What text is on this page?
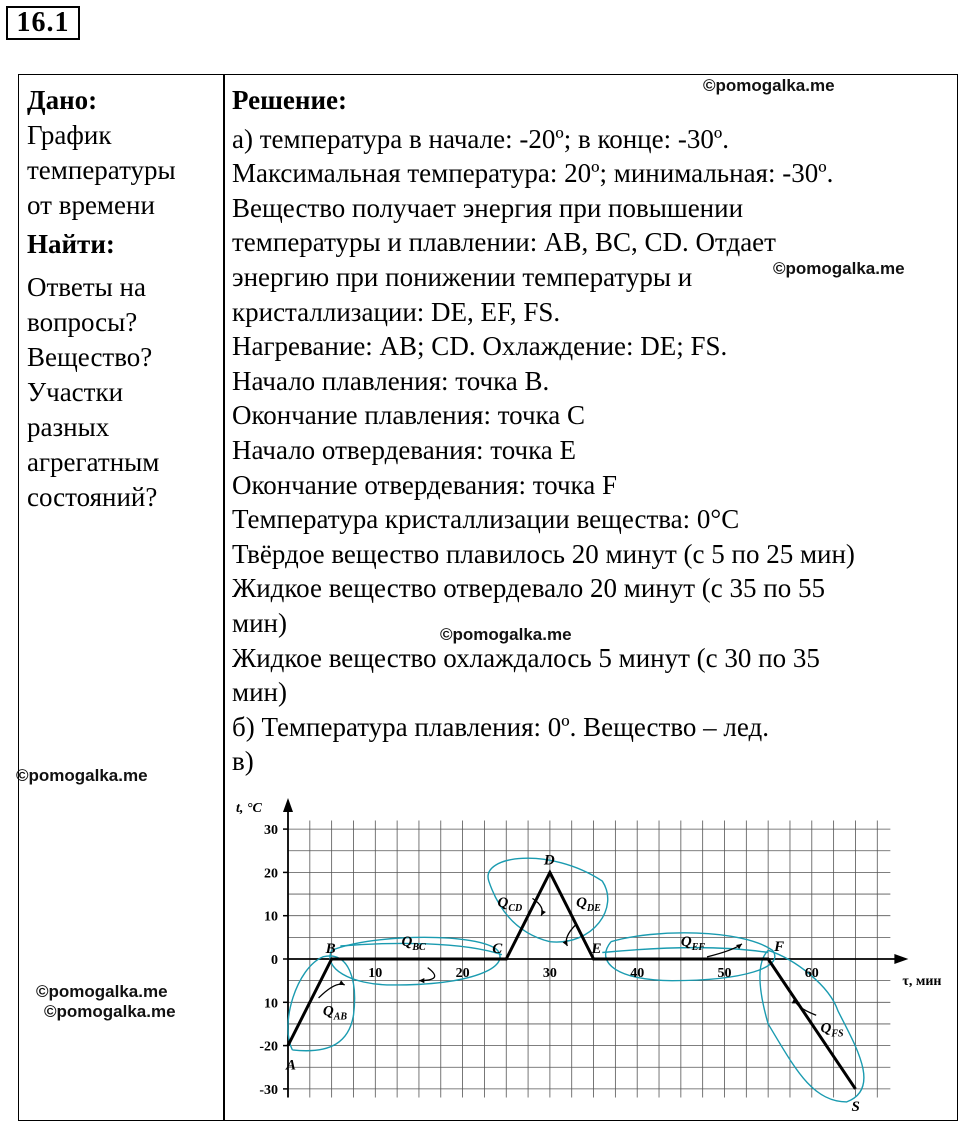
16.1
Дано:
График
температуры
от времени
Найти:
Ответы на
вопросы?
Вещество?
Участки
разных
агрегатным
состояний?
Решение:
а) температура в начале: -20º; в конце: -30º.
Максимальная температура: 20º; минимальная: -30º.
Вещество получает энергия при повышении
температуры и плавлении: AB, BC, CD. Отдает
энергию при понижении температуры и
кристаллизации: DE, EF, FS.
Нагревание: AB; CD. Охлаждение: DE; FS.
Начало плавления: точка B.
Окончание плавления: точка C
Начало отвердевания: точка E
Окончание отвердевания: точка F
Температура кристаллизации вещества: 0°C
Твёрдое вещество плавилось 20 минут (с 5 по 25 мин)
Жидкое вещество отвердевало 20 минут (с 35 по 55
мин)
Жидкое вещество охлаждалось 5 минут (с 30 по 35
мин)
б) Температура плавления: 0º. Вещество – лед.
в)
©pomogalka.me
©pomogalka.me
©pomogalka.me
©pomogalka.me
©pomogalka.me
©pomogalka.me
30
20
10
0
10
-20
-30
10	20	30	40	50	60
t, °C
τ, мин
A
B	C
D
E	F
S
$Q_{AB}$
$Q_{BC}$
$Q_{CD}$	$Q_{DE}$
$Q_{EF}$
$Q_{FS}$
